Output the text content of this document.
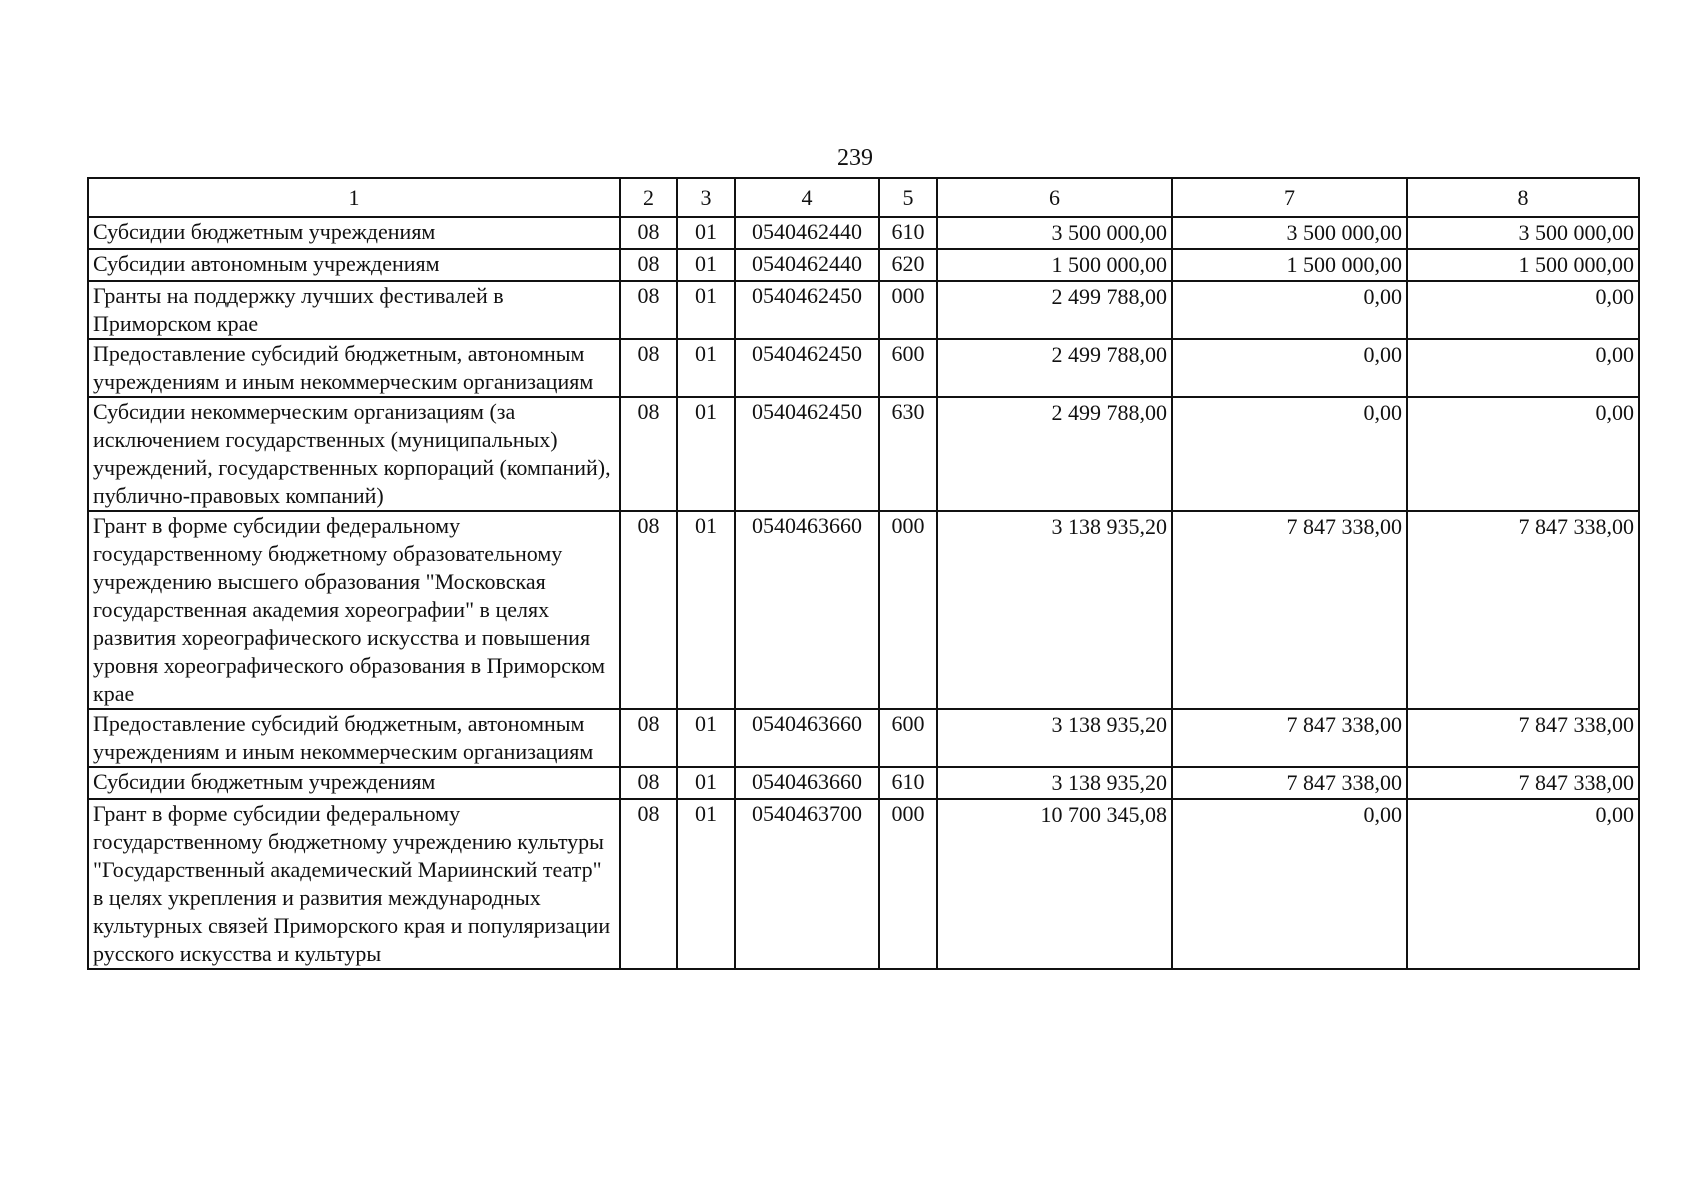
239
1	2	3	4	5	6	7	8
Субсидии бюджетным учреждениям	08	01	0540462440	610	3 500 000,00	3 500 000,00	3 500 000,00
Субсидии автономным учреждениям	08	01	0540462440	620	1 500 000,00	1 500 000,00	1 500 000,00
Гранты на поддержку лучших фестивалей в Приморском крае	08	01	0540462450	000	2 499 788,00	0,00	0,00
Предоставление субсидий бюджетным, автономным учреждениям и иным некоммерческим организациям	08	01	0540462450	600	2 499 788,00	0,00	0,00
Субсидии некоммерческим организациям (за исключением государственных (муниципальных) учреждений, государственных корпораций (компаний), публично-правовых компаний)	08	01	0540462450	630	2 499 788,00	0,00	0,00
Грант в форме субсидии федеральному государственному бюджетному образовательному учреждению высшего образования "Московская государственная академия хореографии" в целях развития хореографического искусства и повышения уровня хореографического образования в Приморском крае	08	01	0540463660	000	3 138 935,20	7 847 338,00	7 847 338,00
Предоставление субсидий бюджетным, автономным учреждениям и иным некоммерческим организациям	08	01	0540463660	600	3 138 935,20	7 847 338,00	7 847 338,00
Субсидии бюджетным учреждениям	08	01	0540463660	610	3 138 935,20	7 847 338,00	7 847 338,00
Грант в форме субсидии федеральному государственному бюджетному учреждению культуры "Государственный академический Мариинский театр" в целях укрепления и развития международных культурных связей Приморского края и популяризации русского искусства и культуры	08	01	0540463700	000	10 700 345,08	0,00	0,00
